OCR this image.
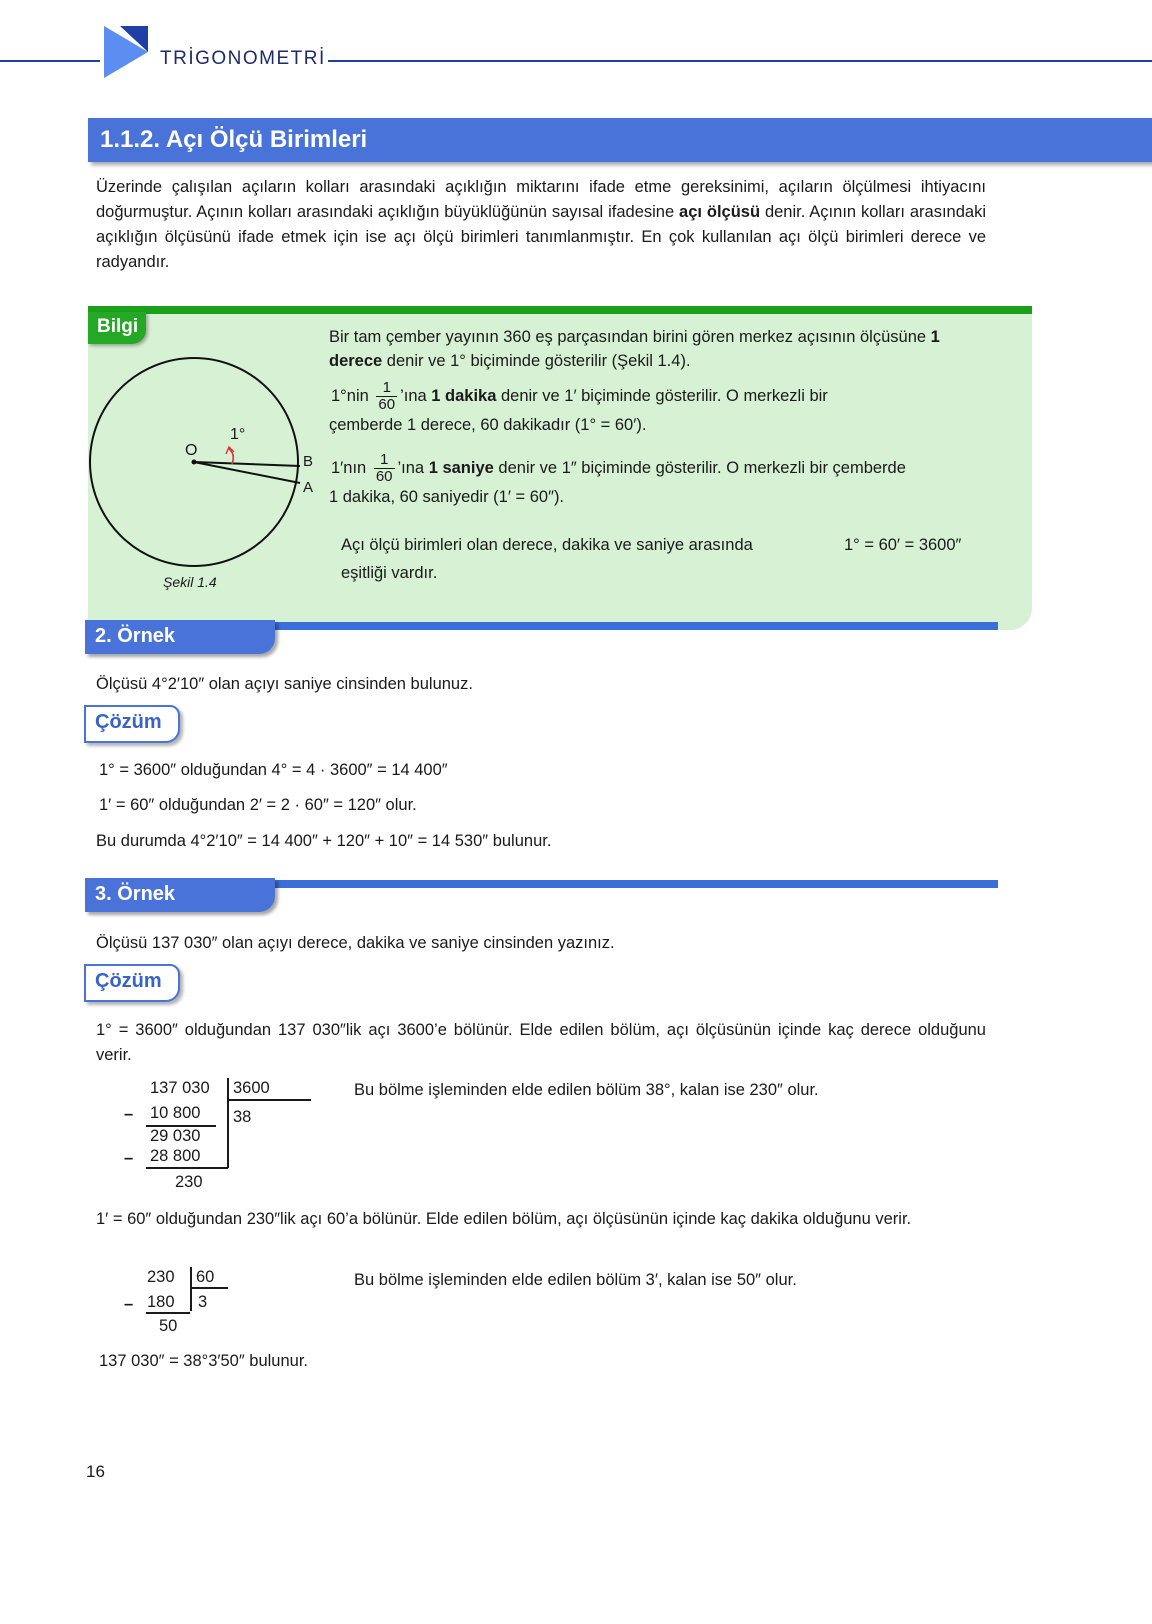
TRİGONOMETRİ
1.1.2. Açı Ölçü Birimleri
Üzerinde çalışılan açıların kolları arasındaki açıklığın miktarını ifade etme gereksinimi, açıların ölçülmesi ihtiyacını doğurmuştur. Açının kolları arasındaki açıklığın büyüklüğünün sayısal ifadesine açı ölçüsü denir. Açının kolları arasındaki açıklığın ölçüsünü ifade etmek için ise açı ölçü birimleri tanımlanmıştır. En çok kullanılan açı ölçü birimleri derece ve radyandır.
Bilgi
O
1°
B
A
Şekil 1.4
Bir tam çember yayının 360 eş parçasından birini gören merkez açısının ölçüsüne 1 derece denir ve 1° biçiminde gösterilir (Şekil 1.4).
$1^\circ nin \frac{1}{60}$ ’ına 1 dakika denir ve 1′ biçiminde gösterilir. O merkezli bir
çemberde 1 derece, 60 dakikadır (1° = 60′).
1′nın $\frac{1}{60}$ ’ına 1 saniye denir ve 1″ biçiminde gösterilir. O merkezli bir çemberde
1 dakika, 60 saniyedir (1′ = 60″).
Açı ölçü birimleri olan derece, dakika ve saniye arasında	1° = 60′ = 3600″
eşitliği vardır.
2. Örnek
Ölçüsü 4°2′10″ olan açıyı saniye cinsinden bulunuz.
Çözüm
1° = 3600″ olduğundan 4° = 4 · 3600″ = 14 400″
1′ = 60″ olduğundan 2′ = 2 · 60″ = 120″ olur.
Bu durumda 4°2′10″ = 14 400″ + 120″ + 10″ = 14 530″ bulunur.
3. Örnek
Ölçüsü 137 030″ olan açıyı derece, dakika ve saniye cinsinden yazınız.
Çözüm
1° = 3600″ olduğundan 137 030″lik açı 3600’e bölünür. Elde edilen bölüm, açı ölçüsünün içinde kaç derece olduğunu verir.
137 030 3600
– 10 800 38
29 030
– 28 800
230
Bu bölme işleminden elde edilen bölüm 38°, kalan ise 230″ olur.
1′ = 60″ olduğundan 230″lik açı 60’a bölünür. Elde edilen bölüm, açı ölçüsünün içinde kaç dakika olduğunu verir.
230 60
– 180 3
50
Bu bölme işleminden elde edilen bölüm 3′, kalan ise 50″ olur.
137 030″ = 38°3′50″ bulunur.
16
